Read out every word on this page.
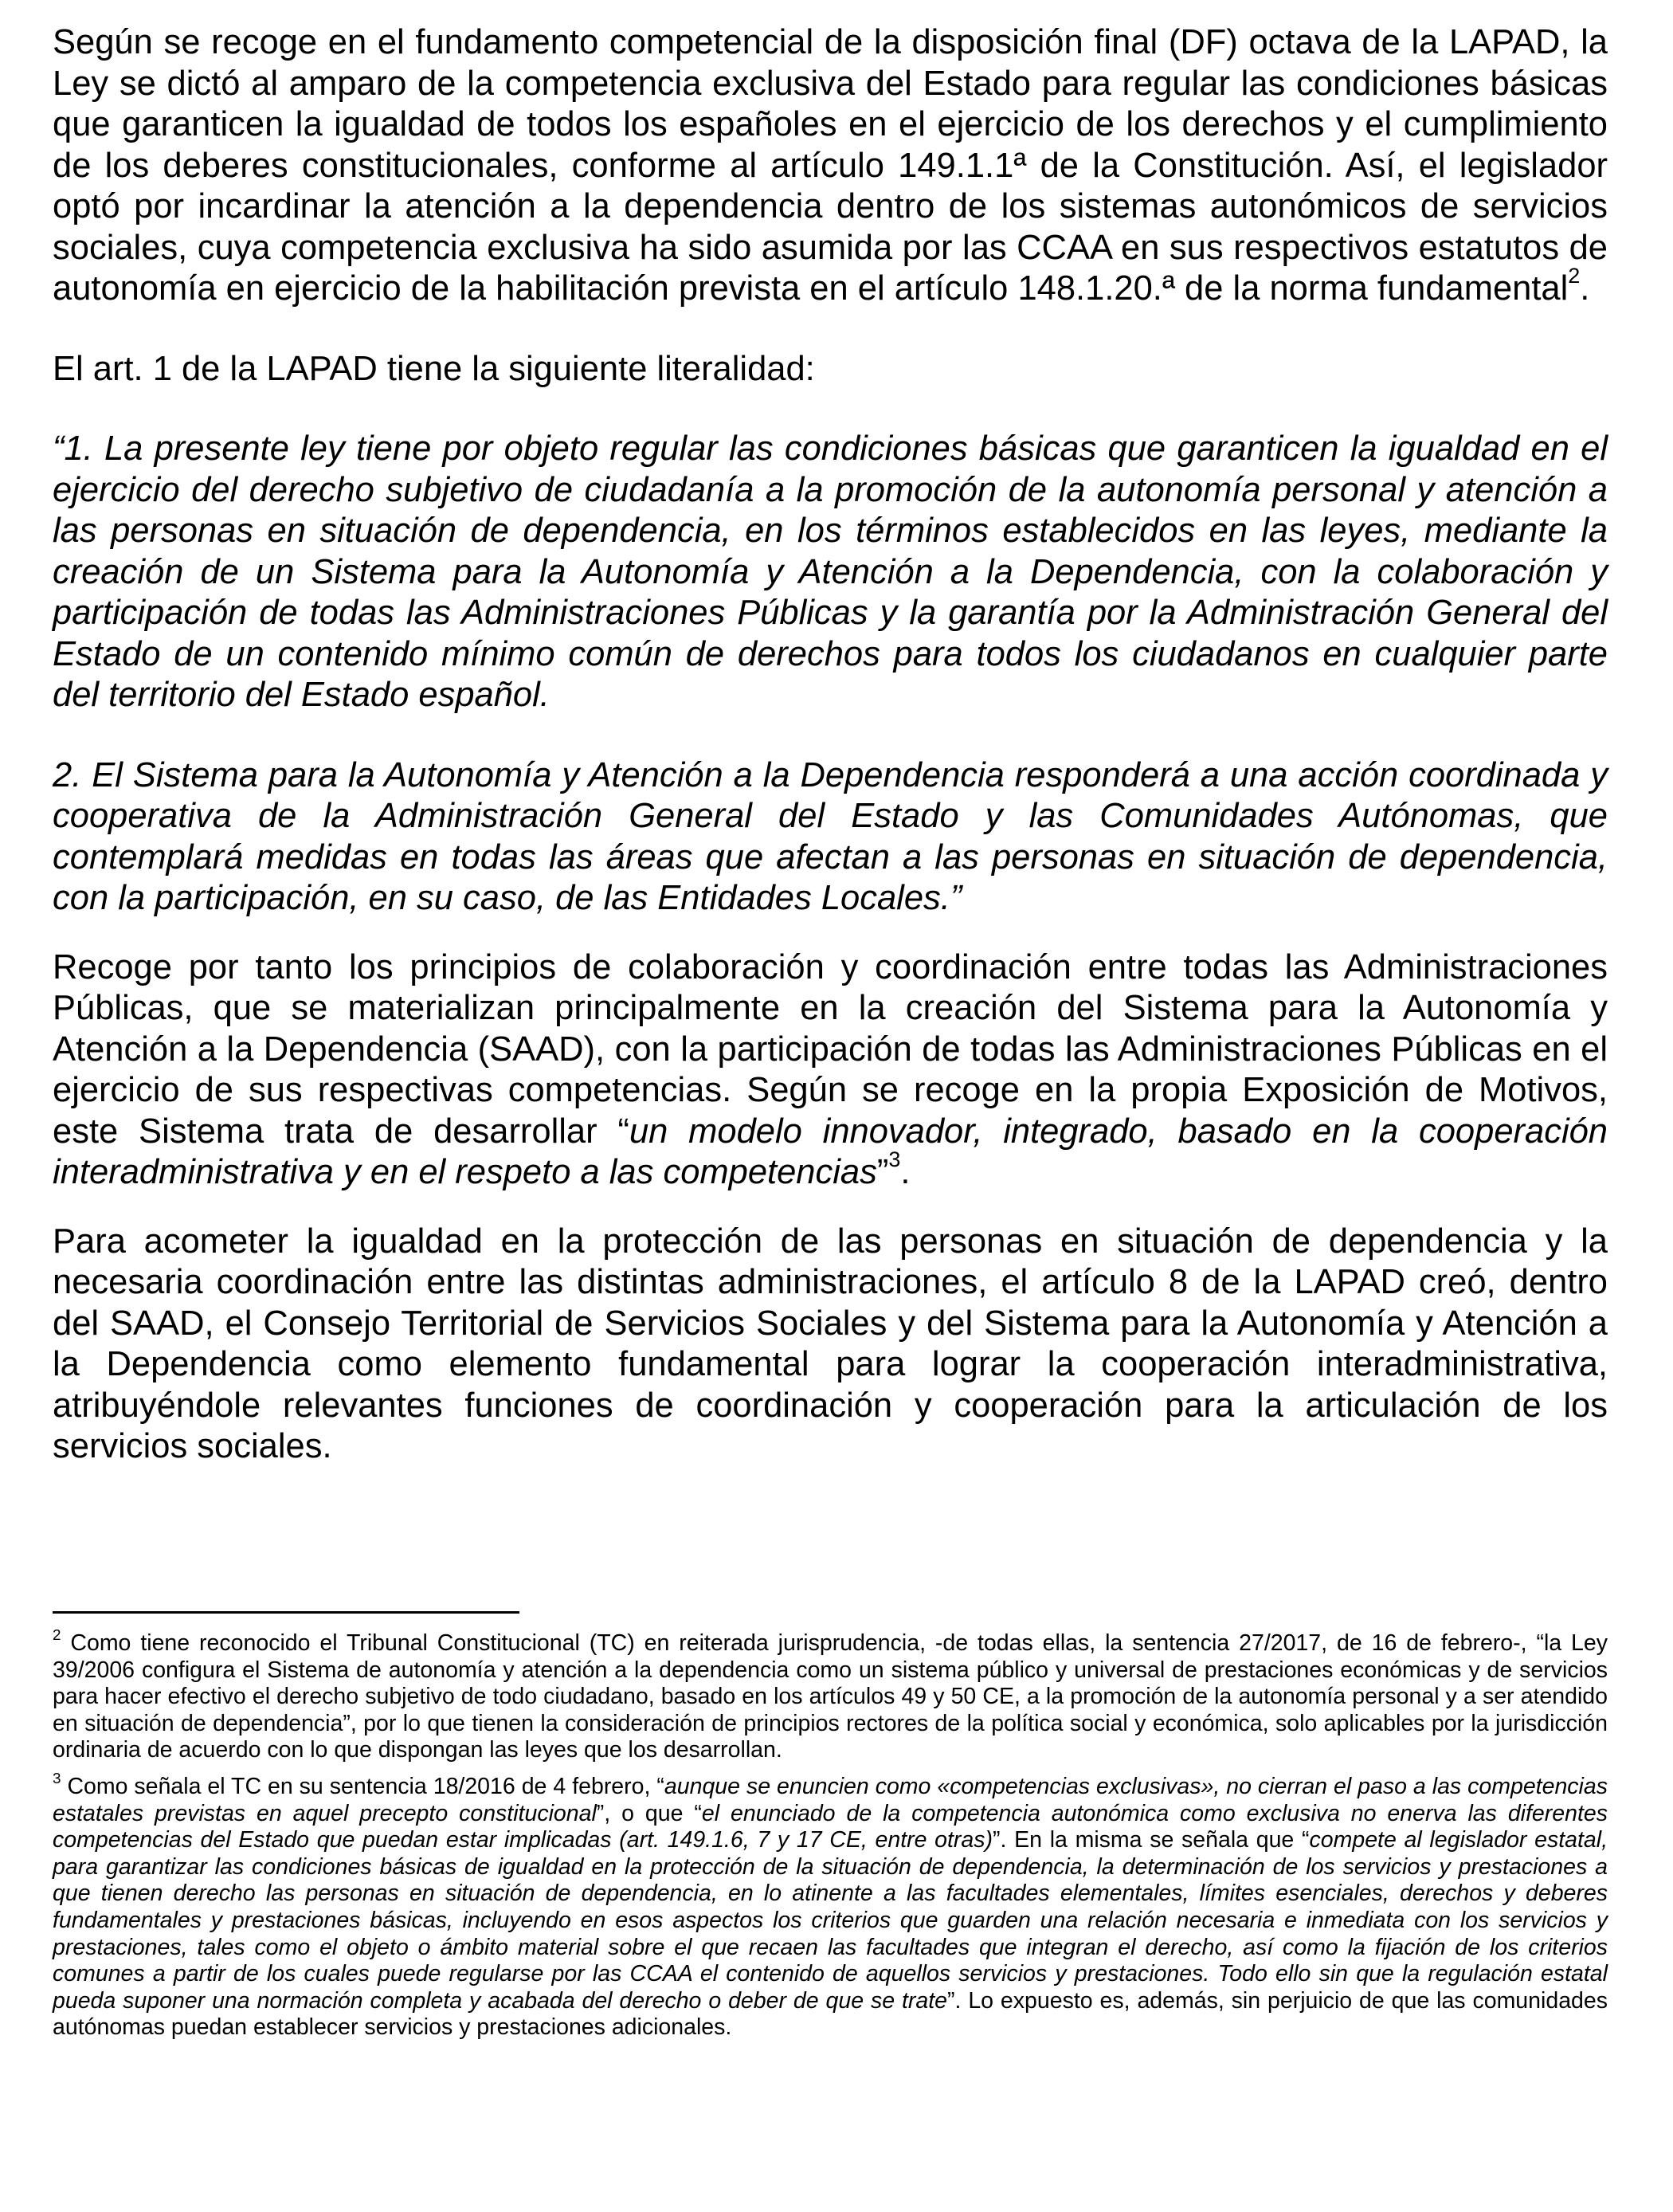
Según se recoge en el fundamento competencial de la disposición final (DF) octava de la LAPAD, la Ley se dictó al amparo de la competencia exclusiva del Estado para regular las condiciones básicas que garanticen la igualdad de todos los españoles en el ejercicio de los derechos y el cumplimiento de los deberes constitucionales, conforme al artículo 149.1.1ª de la Constitución. Así, el legislador optó por incardinar la atención a la dependencia dentro de los sistemas autonómicos de servicios sociales, cuya competencia exclusiva ha sido asumida por las CCAA en sus respectivos estatutos de autonomía en ejercicio de la habilitación prevista en el artículo 148.1.20.ª de la norma fundamental$^2$.

El art. 1 de la LAPAD tiene la siguiente literalidad:

“1. La presente ley tiene por objeto regular las condiciones básicas que garanticen la igualdad en el ejercicio del derecho subjetivo de ciudadanía a la promoción de la autonomía personal y atención a las personas en situación de dependencia, en los términos establecidos en las leyes, mediante la creación de un Sistema para la Autonomía y Atención a la Dependencia, con la colaboración y participación de todas las Administraciones Públicas y la garantía por la Administración General del Estado de un contenido mínimo común de derechos para todos los ciudadanos en cualquier parte del territorio del Estado español.

2. El Sistema para la Autonomía y Atención a la Dependencia responderá a una acción coordinada y cooperativa de la Administración General del Estado y las Comunidades Autónomas, que contemplará medidas en todas las áreas que afectan a las personas en situación de dependencia, con la participación, en su caso, de las Entidades Locales.”

Recoge por tanto los principios de colaboración y coordinación entre todas las Administraciones Públicas, que se materializan principalmente en la creación del Sistema para la Autonomía y Atención a la Dependencia (SAAD), con la participación de todas las Administraciones Públicas en el ejercicio de sus respectivas competencias. Según se recoge en la propia Exposición de Motivos, este Sistema trata de desarrollar “un modelo innovador, integrado, basado en la cooperación interadministrativa y en el respeto a las competencias”$^3$.

Para acometer la igualdad en la protección de las personas en situación de dependencia y la necesaria coordinación entre las distintas administraciones, el artículo 8 de la LAPAD creó, dentro del SAAD, el Consejo Territorial de Servicios Sociales y del Sistema para la Autonomía y Atención a la Dependencia como elemento fundamental para lograr la cooperación interadministrativa, atribuyéndole relevantes funciones de coordinación y cooperación para la articulación de los servicios sociales.

$^2$ Como tiene reconocido el Tribunal Constitucional (TC) en reiterada jurisprudencia, -de todas ellas, la sentencia 27/2017, de 16 de febrero-, “la Ley 39/2006 configura el Sistema de autonomía y atención a la dependencia como un sistema público y universal de prestaciones económicas y de servicios para hacer efectivo el derecho subjetivo de todo ciudadano, basado en los artículos 49 y 50 CE, a la promoción de la autonomía personal y a ser atendido en situación de dependencia”, por lo que tienen la consideración de principios rectores de la política social y económica, solo aplicables por la jurisdicción ordinaria de acuerdo con lo que dispongan las leyes que los desarrollan.

$^3$ Como señala el TC en su sentencia 18/2016 de 4 febrero, “aunque se enuncien como «competencias exclusivas», no cierran el paso a las competencias estatales previstas en aquel precepto constitucional”, o que “el enunciado de la competencia autonómica como exclusiva no enerva las diferentes competencias del Estado que puedan estar implicadas (art. 149.1.6, 7 y 17 CE, entre otras)”. En la misma se señala que “compete al legislador estatal, para garantizar las condiciones básicas de igualdad en la protección de la situación de dependencia, la determinación de los servicios y prestaciones a que tienen derecho las personas en situación de dependencia, en lo atinente a las facultades elementales, límites esenciales, derechos y deberes fundamentales y prestaciones básicas, incluyendo en esos aspectos los criterios que guarden una relación necesaria e inmediata con los servicios y prestaciones, tales como el objeto o ámbito material sobre el que recaen las facultades que integran el derecho, así como la fijación de los criterios comunes a partir de los cuales puede regularse por las CCAA el contenido de aquellos servicios y prestaciones. Todo ello sin que la regulación estatal pueda suponer una normación completa y acabada del derecho o deber de que se trate”. Lo expuesto es, además, sin perjuicio de que las comunidades autónomas puedan establecer servicios y prestaciones adicionales.
